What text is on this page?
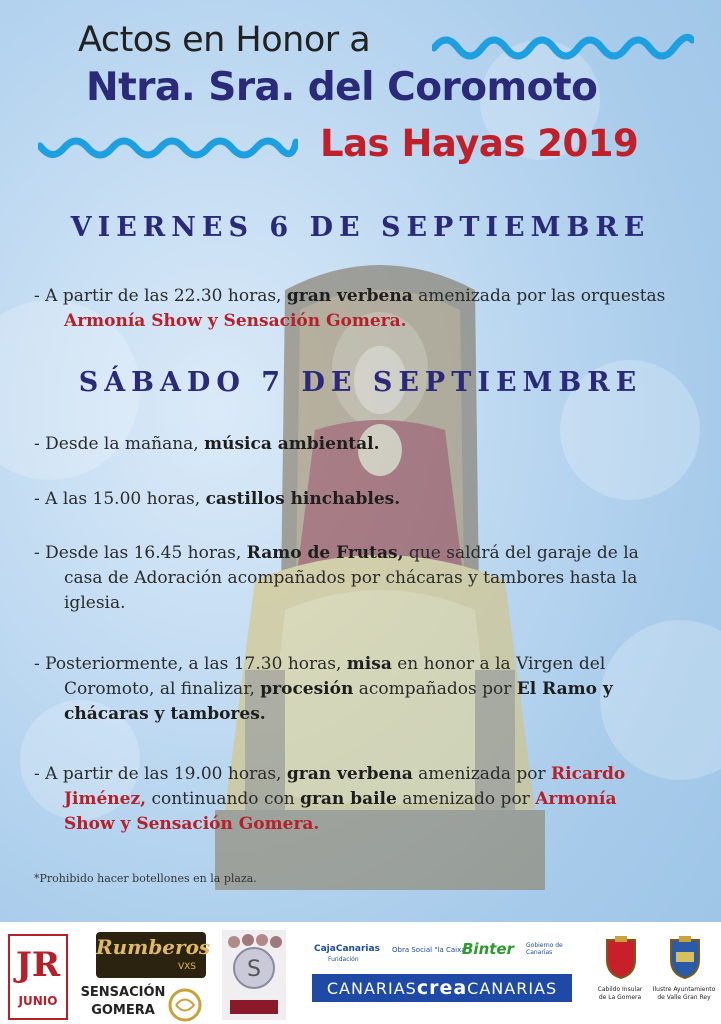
Actos en Honor a
Ntra. Sra. del Coromoto
Las Hayas 2019
VIERNES 6 DE SEPTIEMBRE
- A partir de las 22.30 horas, gran verbena amenizada por las orquestas
Armonía Show y Sensación Gomera.
SÁBADO 7 DE SEPTIEMBRE
- Desde la mañana, música ambiental.
- A las 15.00 horas, castillos hinchables.
- Desde las 16.45 horas, Ramo de Frutas, que saldrá del garaje de la
casa de Adoración acompañados por chácaras y tambores hasta la
iglesia.
- Posteriormente, a las 17.30 horas, misa en honor a la Virgen del
Coromoto, al finalizar, procesión acompañados por El Ramo y
chácaras y tambores.
- A partir de las 19.00 horas, gran verbena amenizada por Ricardo
Jiménez, continuando con gran baile amenizado por Armonía
Show y Sensación Gomera.
*Prohibido hacer botellones en la plaza.
JR
JUNIO
Rumberos
VXS
SENSACIÓN
GOMERA
S
CajaCanarias
Fundación
Obra Social "la Caixa"
Binter Gobierno de Canarias
CANARIAScreaCANARIAS	Cabildo Insular
de La Gomera
Ilustre Ayuntamiento
de Valle Gran Rey
